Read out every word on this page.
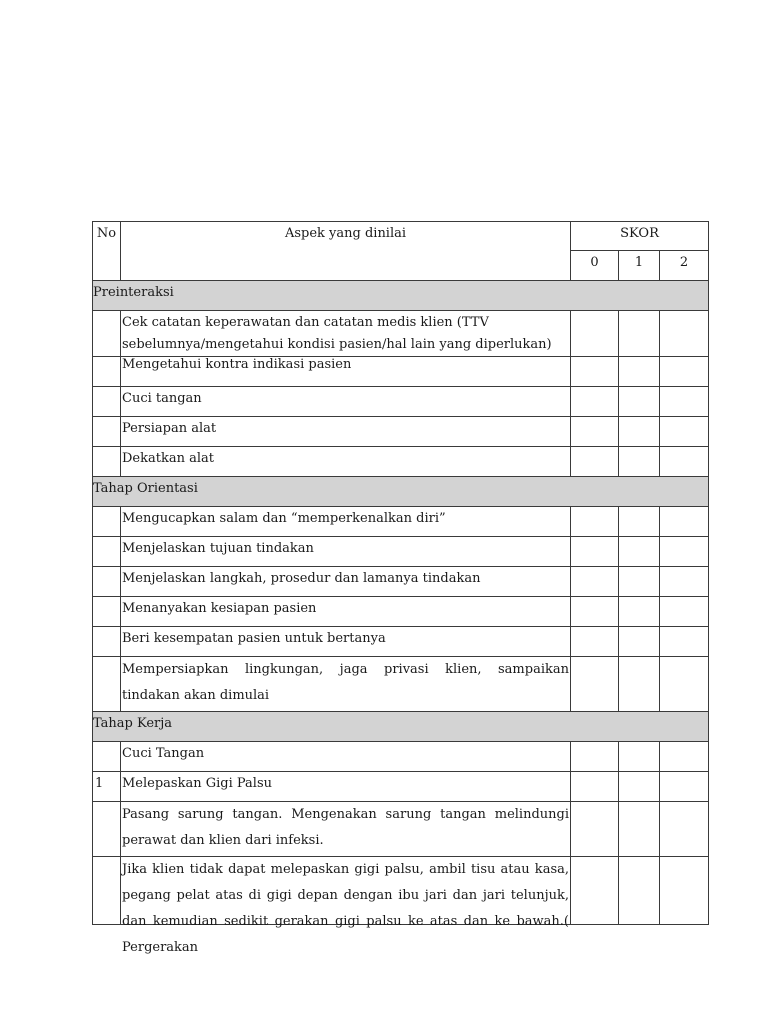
No	Aspek yang dinilai	SKOR		
		0	1	2
Preinteraksi				
	Cek catatan keperawatan dan catatan medis klien (TTV sebelumnya/mengetahui kondisi pasien/hal lain yang diperlukan)			
	Mengetahui kontra indikasi pasien			
	Cuci tangan			
	Persiapan alat			
	Dekatkan alat			
Tahap Orientasi				
	Mengucapkan salam dan “memperkenalkan diri”			
	Menjelaskan tujuan tindakan			
	Menjelaskan langkah, prosedur dan lamanya tindakan			
	Menanyakan kesiapan pasien			
	Beri kesempatan pasien untuk bertanya			
	Mempersiapkan lingkungan, jaga privasi klien, sampaikan tindakan akan dimulai			
Tahap Kerja				
	Cuci Tangan			
1	Melepaskan Gigi Palsu			
	Pasang sarung tangan. Mengenakan sarung tangan melindungi perawat dan klien dari infeksi.			

	Jika klien tidak dapat melepaskan gigi palsu, ambil tisu atau kasa, pegang pelat atas di gigi depan dengan ibu jari dan jari telunjuk, dan kemudian sedikit gerakan gigi palsu ke atas dan ke bawah.( Pergerakan			
